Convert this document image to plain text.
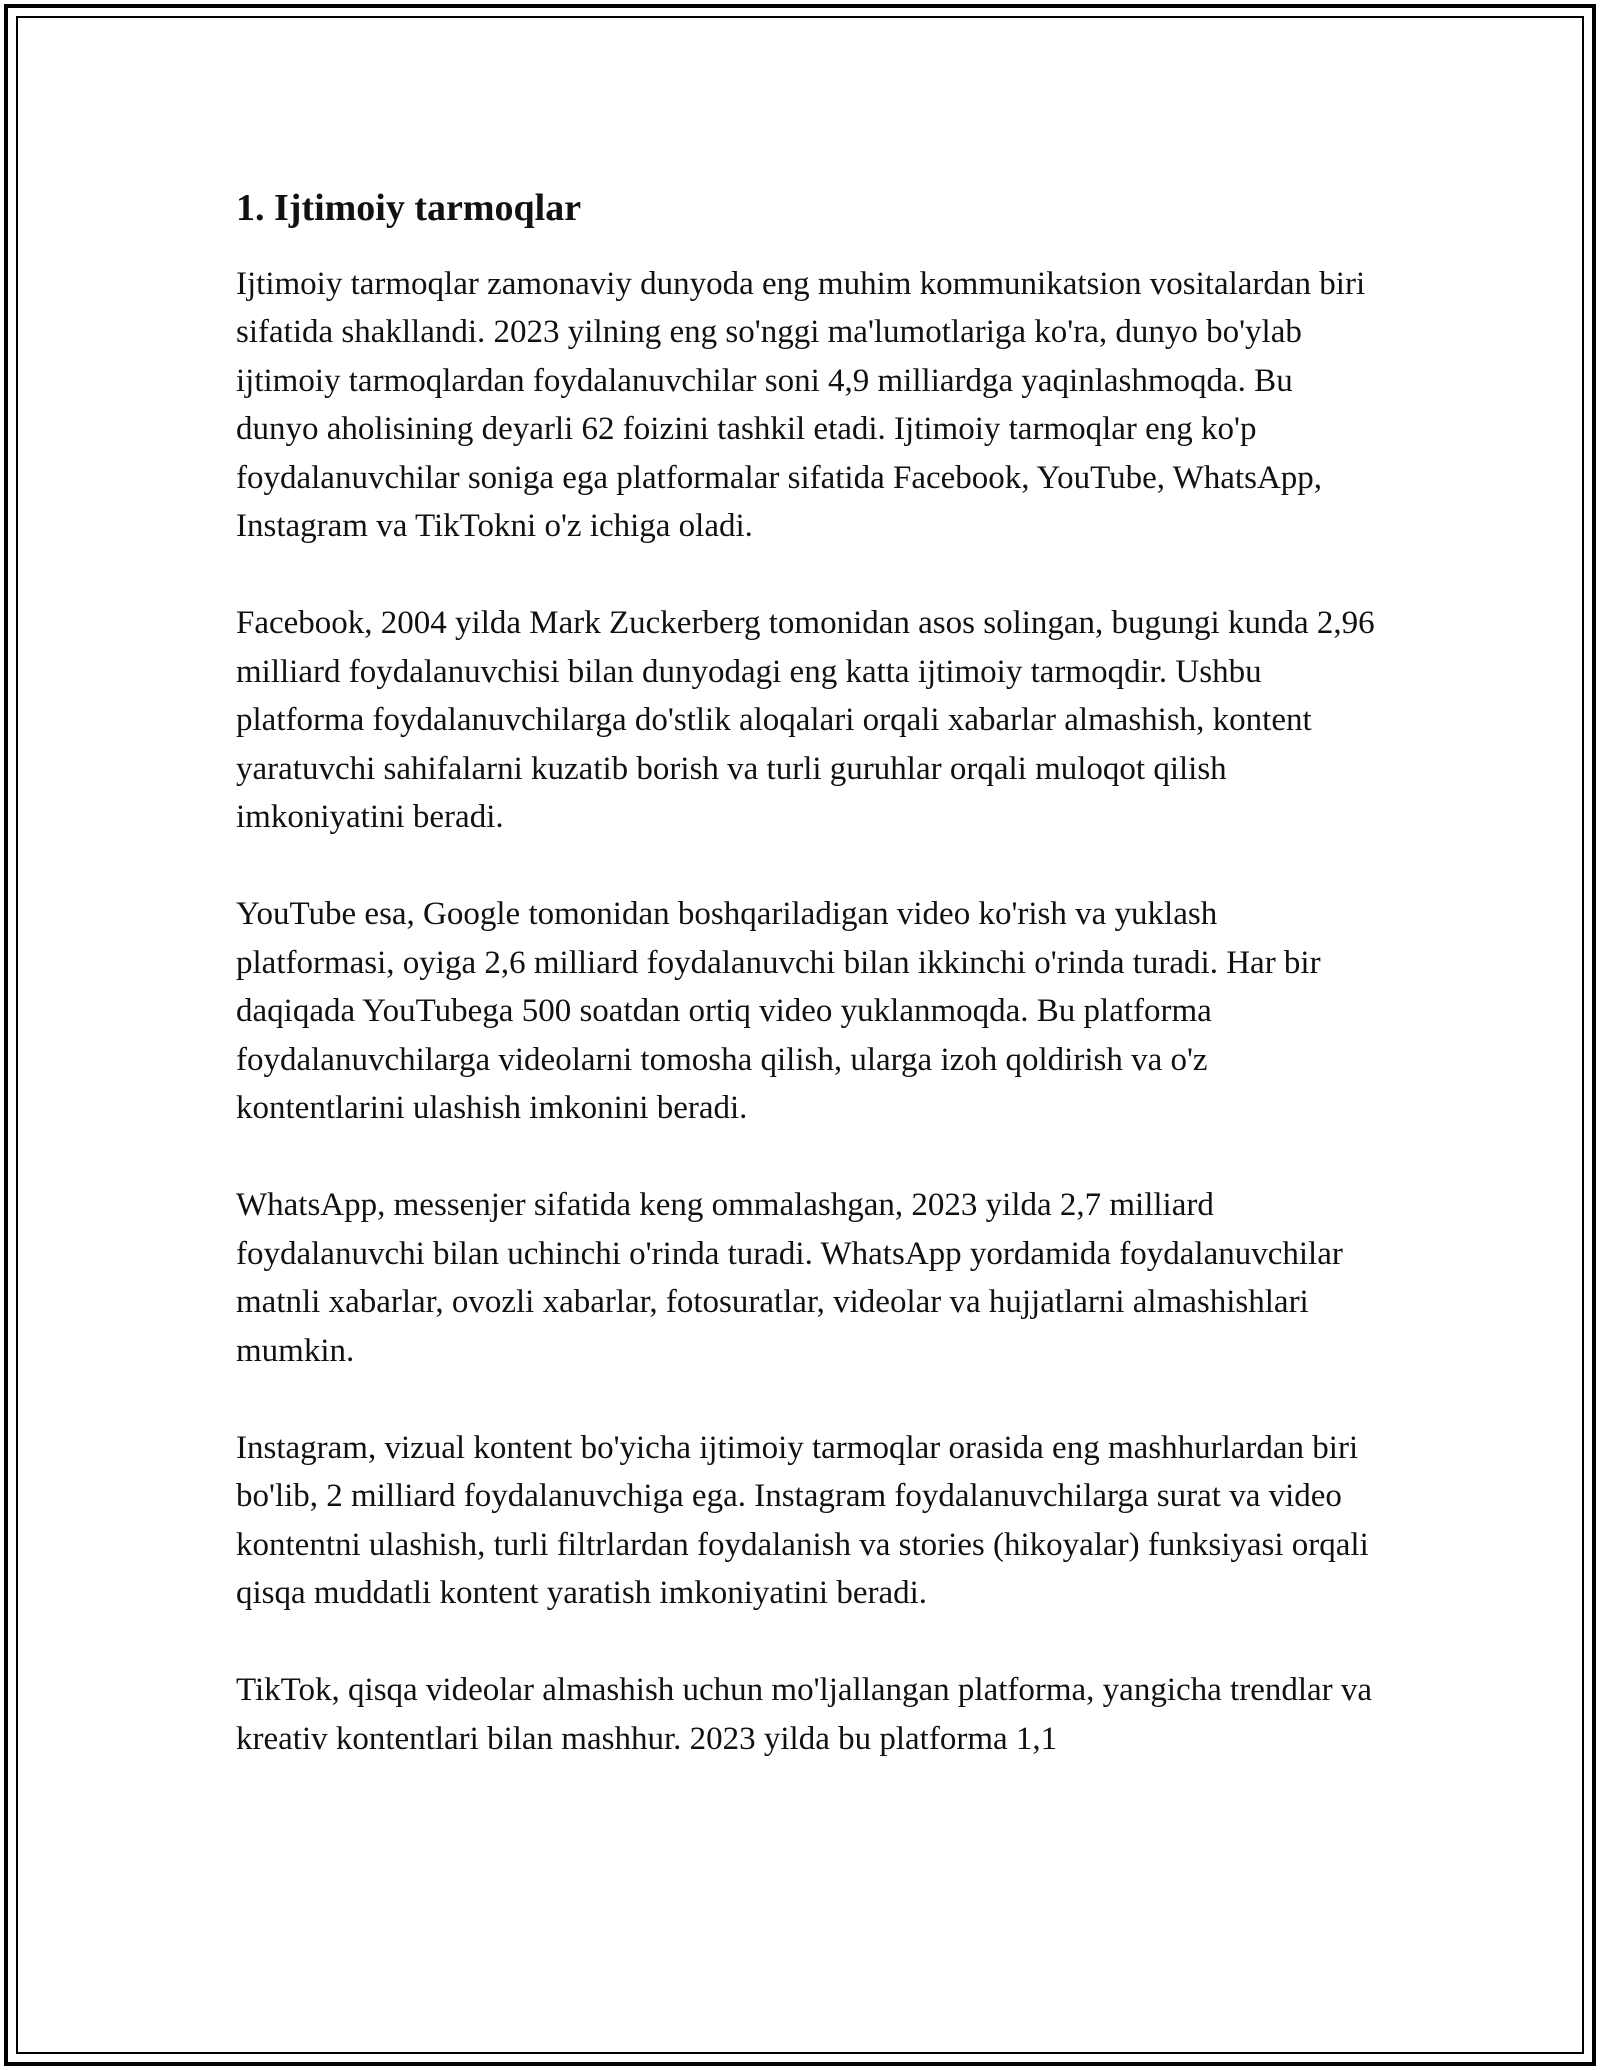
1. Ijtimoiy tarmoqlar

Ijtimoiy tarmoqlar zamonaviy dunyoda eng muhim kommunikatsion vositalardan biri sifatida shakllandi. 2023 yilning eng so'nggi ma'lumotlariga ko'ra, dunyo bo'ylab ijtimoiy tarmoqlardan foydalanuvchilar soni 4,9 milliardga yaqinlashmoqda. Bu dunyo aholisining deyarli 62 foizini tashkil etadi. Ijtimoiy tarmoqlar eng ko'p foydalanuvchilar soniga ega platformalar sifatida Facebook, YouTube, WhatsApp, Instagram va TikTokni o'z ichiga oladi.

Facebook, 2004 yilda Mark Zuckerberg tomonidan asos solingan, bugungi kunda 2,96 milliard foydalanuvchisi bilan dunyodagi eng katta ijtimoiy tarmoqdir. Ushbu platforma foydalanuvchilarga do'stlik aloqalari orqali xabarlar almashish, kontent yaratuvchi sahifalarni kuzatib borish va turli guruhlar orqali muloqot qilish imkoniyatini beradi.

YouTube esa, Google tomonidan boshqariladigan video ko'rish va yuklash platformasi, oyiga 2,6 milliard foydalanuvchi bilan ikkinchi o'rinda turadi. Har bir daqiqada YouTubega 500 soatdan ortiq video yuklanmoqda. Bu platforma foydalanuvchilarga videolarni tomosha qilish, ularga izoh qoldirish va o'z kontentlarini ulashish imkonini beradi.

WhatsApp, messenjer sifatida keng ommalashgan, 2023 yilda 2,7 milliard foydalanuvchi bilan uchinchi o'rinda turadi. WhatsApp yordamida foydalanuvchilar matnli xabarlar, ovozli xabarlar, fotosuratlar, videolar va hujjatlarni almashishlari mumkin.

Instagram, vizual kontent bo'yicha ijtimoiy tarmoqlar orasida eng mashhurlardan biri bo'lib, 2 milliard foydalanuvchiga ega. Instagram foydalanuvchilarga surat va video kontentni ulashish, turli filtrlardan foydalanish va stories (hikoyalar) funksiyasi orqali qisqa muddatli kontent yaratish imkoniyatini beradi.

TikTok, qisqa videolar almashish uchun mo'ljallangan platforma, yangicha trendlar va kreativ kontentlari bilan mashhur. 2023 yilda bu platforma 1,1
